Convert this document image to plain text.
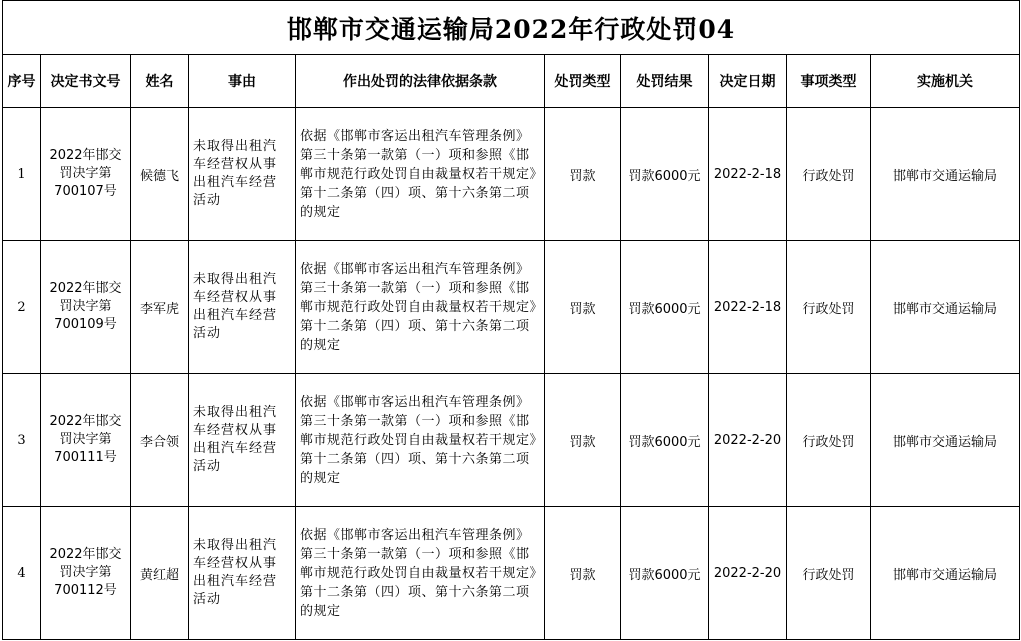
邯郸市交通运输局2022年行政处罚04									
序号	决定书文号	姓名	事由	作出处罚的法律依据条款	处罚类型	处罚结果	决定日期	事项类型	实施机关
1	2022年邯交罚决字第700107号	候德飞	未取得出租汽车经营权从事出租汽车经营活动	依据《邯郸市客运出租汽车管理条例》第三十条第一款第（一）项和参照《邯郸市规范行政处罚自由裁量权若干规定》第十二条第（四）项、第十六条第二项的规定	罚款	罚款6000元	2022-2-18	行政处罚	邯郸市交通运输局
2	2022年邯交罚决字第700109号	李军虎	未取得出租汽车经营权从事出租汽车经营活动	依据《邯郸市客运出租汽车管理条例》第三十条第一款第（一）项和参照《邯郸市规范行政处罚自由裁量权若干规定》第十二条第（四）项、第十六条第二项的规定	罚款	罚款6000元	2022-2-18	行政处罚	邯郸市交通运输局
3	2022年邯交罚决字第700111号	李合领	未取得出租汽车经营权从事出租汽车经营活动	依据《邯郸市客运出租汽车管理条例》第三十条第一款第（一）项和参照《邯郸市规范行政处罚自由裁量权若干规定》第十二条第（四）项、第十六条第二项的规定	罚款	罚款6000元	2022-2-20	行政处罚	邯郸市交通运输局
4	2022年邯交罚决字第700112号	黄红超	未取得出租汽车经营权从事出租汽车经营活动	依据《邯郸市客运出租汽车管理条例》第三十条第一款第（一）项和参照《邯郸市规范行政处罚自由裁量权若干规定》第十二条第（四）项、第十六条第二项的规定	罚款	罚款6000元	2022-2-20	行政处罚	邯郸市交通运输局
